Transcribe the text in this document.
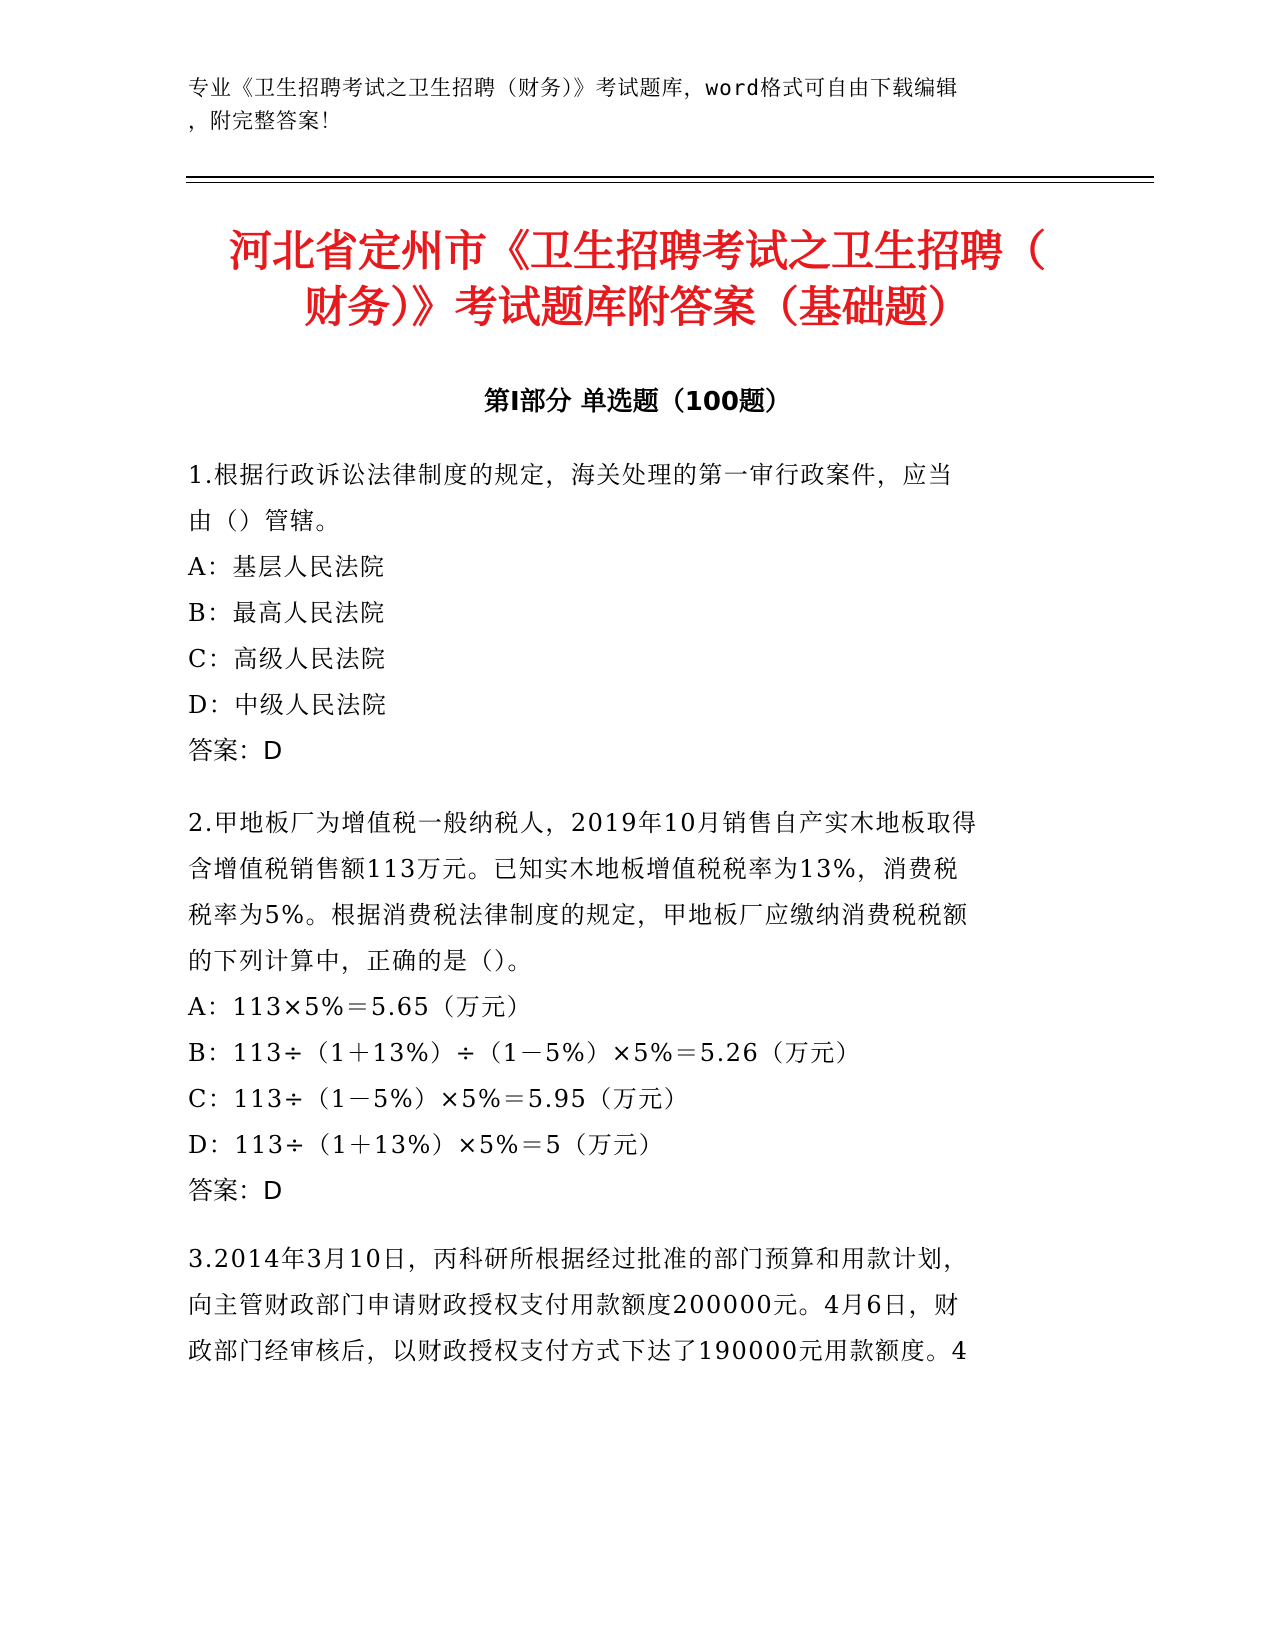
专业《卫生招聘考试之卫生招聘（财务）》考试题库，word格式可自由下载编辑
，附完整答案！
河北省定州市《卫生招聘考试之卫生招聘（
财务）》考试题库附答案（基础题）
第Ⅰ部分 单选题（100题）
1.根据行政诉讼法律制度的规定，海关处理的第一审行政案件，应当
由（）管辖。
A：基层人民法院
B：最高人民法院
C：高级人民法院
D：中级人民法院
答案：D
2.甲地板厂为增值税一般纳税人，2019年10月销售自产实木地板取得
含增值税销售额113万元。已知实木地板增值税税率为13%，消费税
税率为5%。根据消费税法律制度的规定，甲地板厂应缴纳消费税税额
的下列计算中，正确的是（）。
A：113×5%＝5.65（万元）
B：113÷（1＋13%）÷（1－5%）×5%＝5.26（万元）
C：113÷（1－5%）×5%＝5.95（万元）
D：113÷（1＋13%）×5%＝5（万元）
答案：D
3.2014年3月10日，丙科研所根据经过批准的部门预算和用款计划，
向主管财政部门申请财政授权支付用款额度200000元。4月6日，财
政部门经审核后，以财政授权支付方式下达了190000元用款额度。4
